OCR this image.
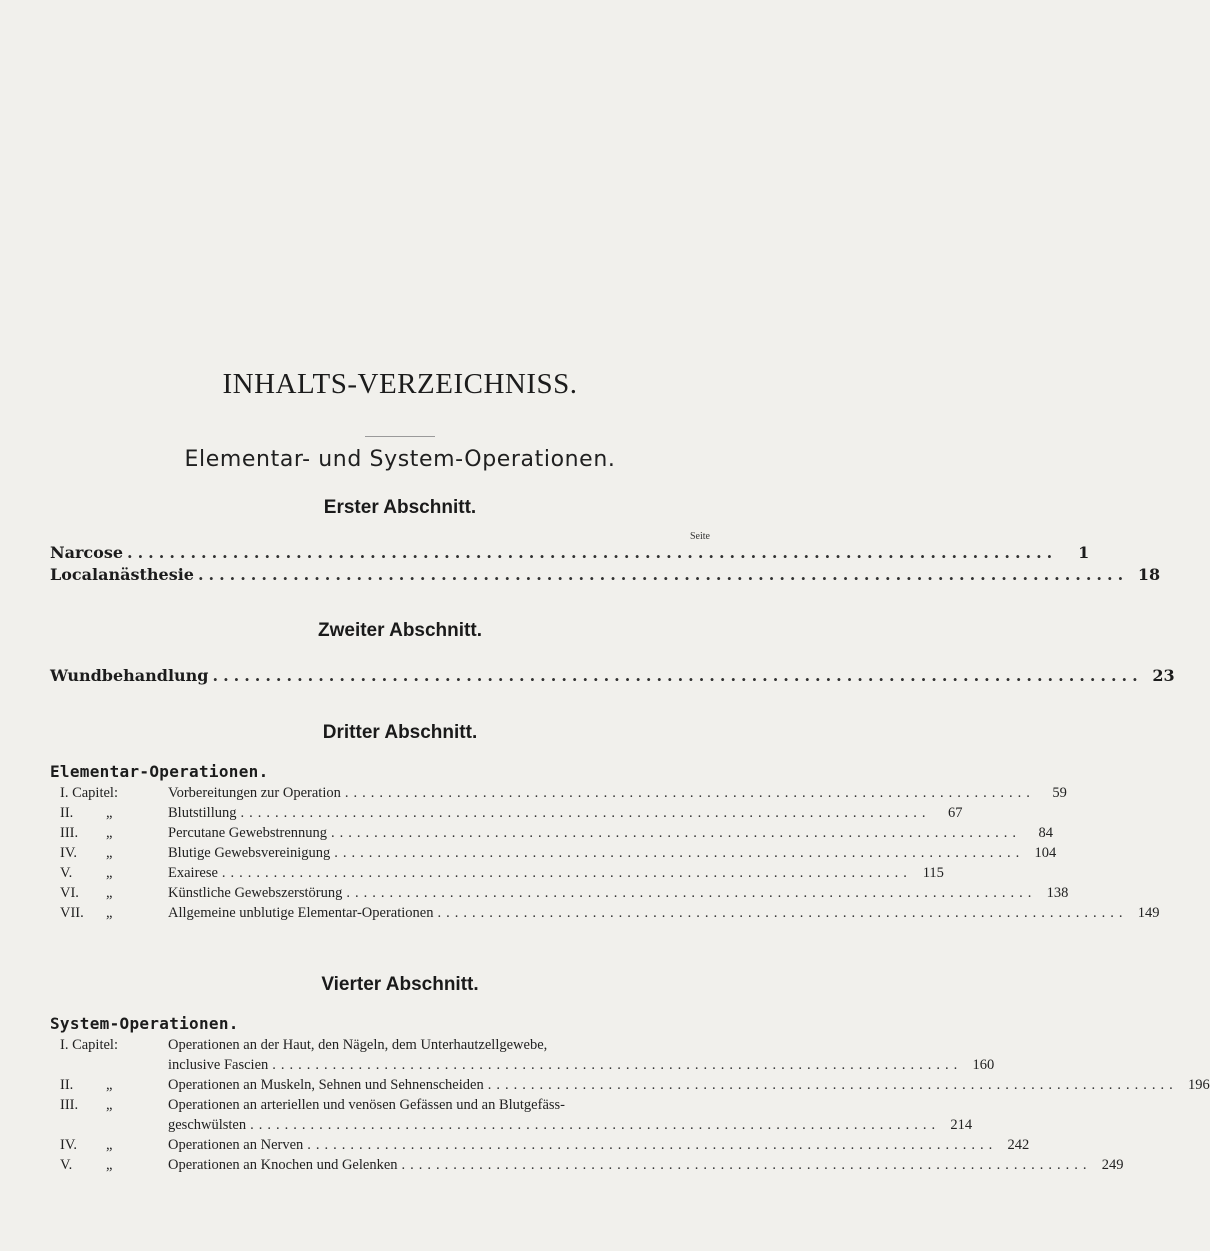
INHALTS-VERZEICHNISS.
Elementar- und System-Operationen.
Erster Abschnitt.
Seite
Narcose ........................................................................................	1
Localanästhesie ........................................................................................ 18
Zweiter Abschnitt.
Wundbehandlung ........................................................................................ 23
Dritter Abschnitt.
Elementar-Operationen.
I. Capitel:	Vorbereitungen zur Operation ................................................................................	59
II. „	Blutstillung ................................................................................	67
III. „	Percutane Gewebstrennung ................................................................................	84
IV. „	Blutige Gewebsvereinigung ................................................................................ 104
V. „	Exairese ................................................................................ 115
VI. „	Künstliche Gewebszerstörung ................................................................................ 138
VII. „	Allgemeine unblutige Elementar-Operationen ................................................................................ 149
Vierter Abschnitt.
System-Operationen.
I. Capitel:	Operationen an der Haut, den Nägeln, dem Unterhautzellgewebe,
inclusive Fascien ................................................................................ 160
II. „	Operationen an Muskeln, Sehnen und Sehnenscheiden ................................................................................ 196
III. „	Operationen an arteriellen und venösen Gefässen und an Blutgefäss-
geschwülsten ................................................................................ 214
IV. „	Operationen an Nerven ................................................................................ 242
V. „	Operationen an Knochen und Gelenken ................................................................................ 249
